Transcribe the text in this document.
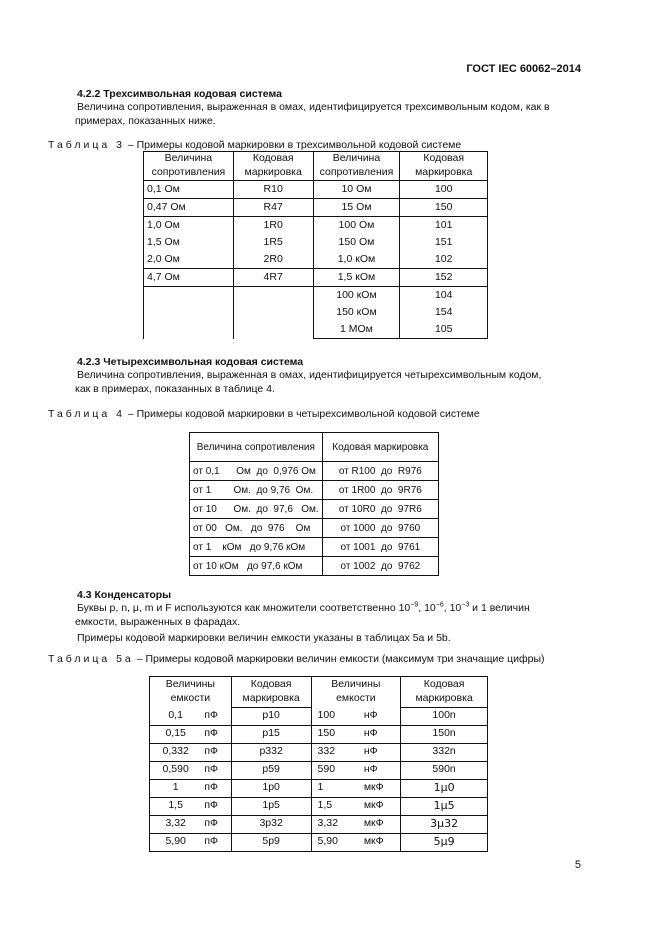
ГОСТ IEC 60062–2014
4.2.2 Трехсимвольная кодовая система
Величина сопротивления, выраженная в омах, идентифицируется трехсимвольным кодом, как в
примерах, показанных ниже.
Таблица 3 – Примеры кодовой маркировки в трехсимвольной кодовой системе
Величина сопротивления	Кодовая маркировка	Величина сопротивления	Кодовая маркировка
0,1 Ом	R10	10 Ом	100
0,47 Ом	R47	15 Ом	150
1,0 Ом	1R0	100 Ом	101
1,5 Ом	1R5	150 Ом	151
2,0 Ом	2R0	1,0 кОм	102
4,7 Ом	4R7	1,5 кОм	152
		100 кОм	104
		150 кОм	154
		1 МОм	105
4.2.3 Четырехсимвольная кодовая система
Величина сопротивления, выраженная в омах, идентифицируется четырехсимвольным кодом,
как в примерах, показанных в таблице 4.
Таблица 4 – Примеры кодовой маркировки в четырехсимвольной кодовой системе
Величина сопротивления	Кодовая маркировка
от 0,1      Ом  до  0,976 Ом	от R100  до  R976
от 1        Ом.  до 9,76  Ом.	от 1R00  до  9R76
от 10      Ом.  до  97,6   Ом.	от 10R0  до  97R6
от 00   Ом.   до  976    Ом	от 1000  до  9760
от 1    кОм   до 9,76 кОм	от 1001  до  9761
от 10 кОм   до 97,6 кОм	от 1002  до  9762
4.3 Конденсаторы
Буквы p, n, μ, m и F используются как множители соответственно $10^{-9}$, $10^{-6}$, $10^{-3}$ и 1 величин
емкости, выраженных в фарадах.
Примеры кодовой маркировки величин емкости указаны в таблицах 5a и 5b.
Таблица 5a – Примеры кодовой маркировки величин емкости (максимум три значащие цифры)
Величины емкости		Кодовая маркировка	Величины емкости		Кодовая маркировка
0,1	пФ	p10	100	нФ	100n
0,15	пФ	p15	150	нФ	150n
0,332	пФ	p332	332	нФ	332n
0,590	пФ	p59	590	нФ	590n
1	пФ	1p0	1	мкФ	1μ0
1,5	пФ	1p5	1,5	мкФ	1μ5
3,32	пФ	3p32	3,32	мкФ	3μ32
5,90	пФ	5p9	5,90	мкФ	5μ9
5
